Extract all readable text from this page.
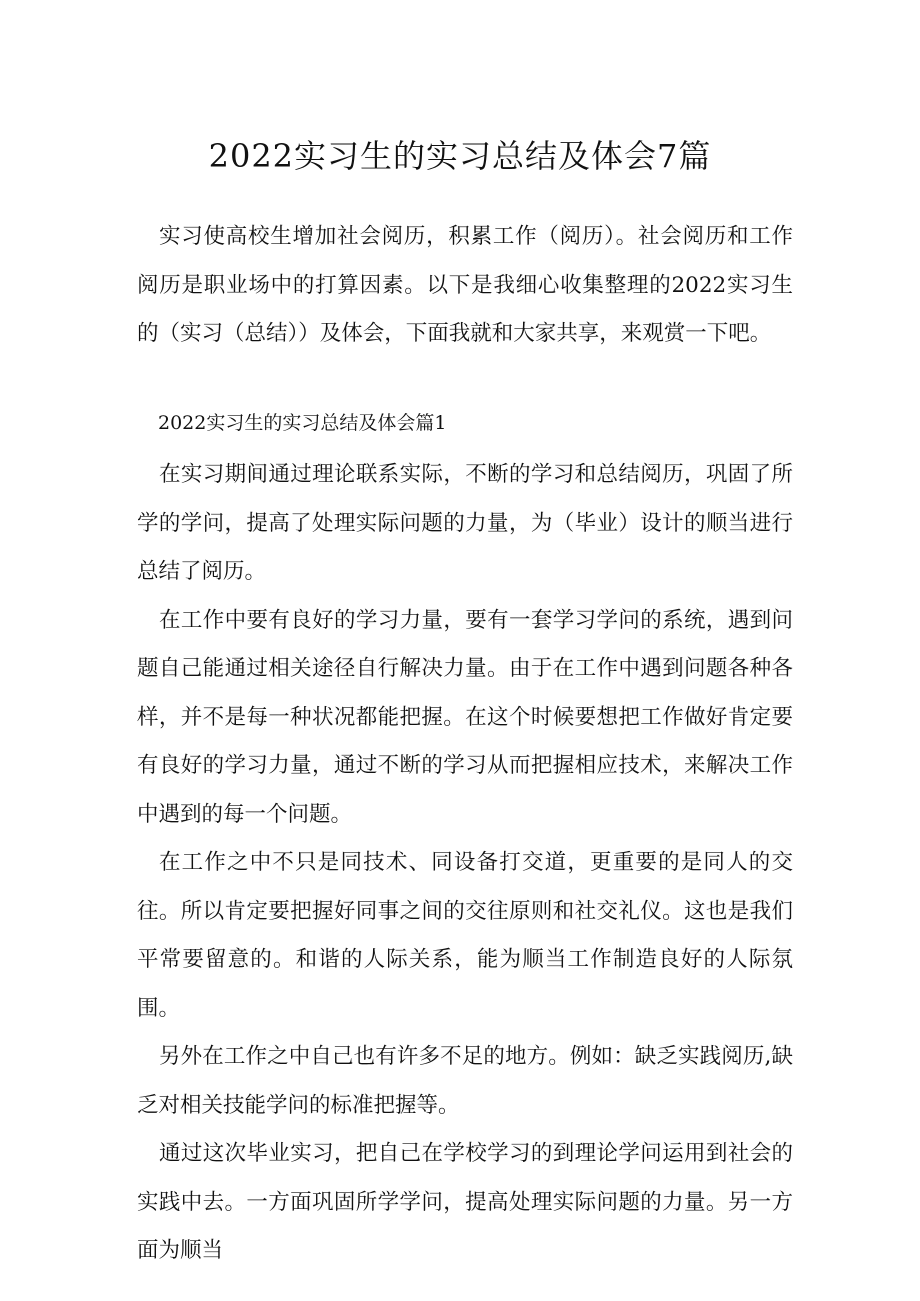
2022实习生的实习总结及体会7篇

实习使高校生增加社会阅历，积累工作（阅历）。社会阅历和工作阅历是职业场中的打算因素。以下是我细心收集整理的2022实习生的（实习（总结））及体会，下面我就和大家共享，来观赏一下吧。

2022实习生的实习总结及体会篇1

在实习期间通过理论联系实际，不断的学习和总结阅历，巩固了所学的学问，提高了处理实际问题的力量，为（毕业）设计的顺当进行总结了阅历。

在工作中要有良好的学习力量，要有一套学习学问的系统，遇到问题自己能通过相关途径自行解决力量。由于在工作中遇到问题各种各样，并不是每一种状况都能把握。在这个时候要想把工作做好肯定要有良好的学习力量，通过不断的学习从而把握相应技术，来解决工作中遇到的每一个问题。

在工作之中不只是同技术、同设备打交道，更重要的是同人的交往。所以肯定要把握好同事之间的交往原则和社交礼仪。这也是我们平常要留意的。和谐的人际关系，能为顺当工作制造良好的人际氛围。

另外在工作之中自己也有许多不足的地方。例如：缺乏实践阅历,缺乏对相关技能学问的标准把握等。

通过这次毕业实习，把自己在学校学习的到理论学问运用到社会的实践中去。一方面巩固所学学问，提高处理实际问题的力量。另一方面为顺当
